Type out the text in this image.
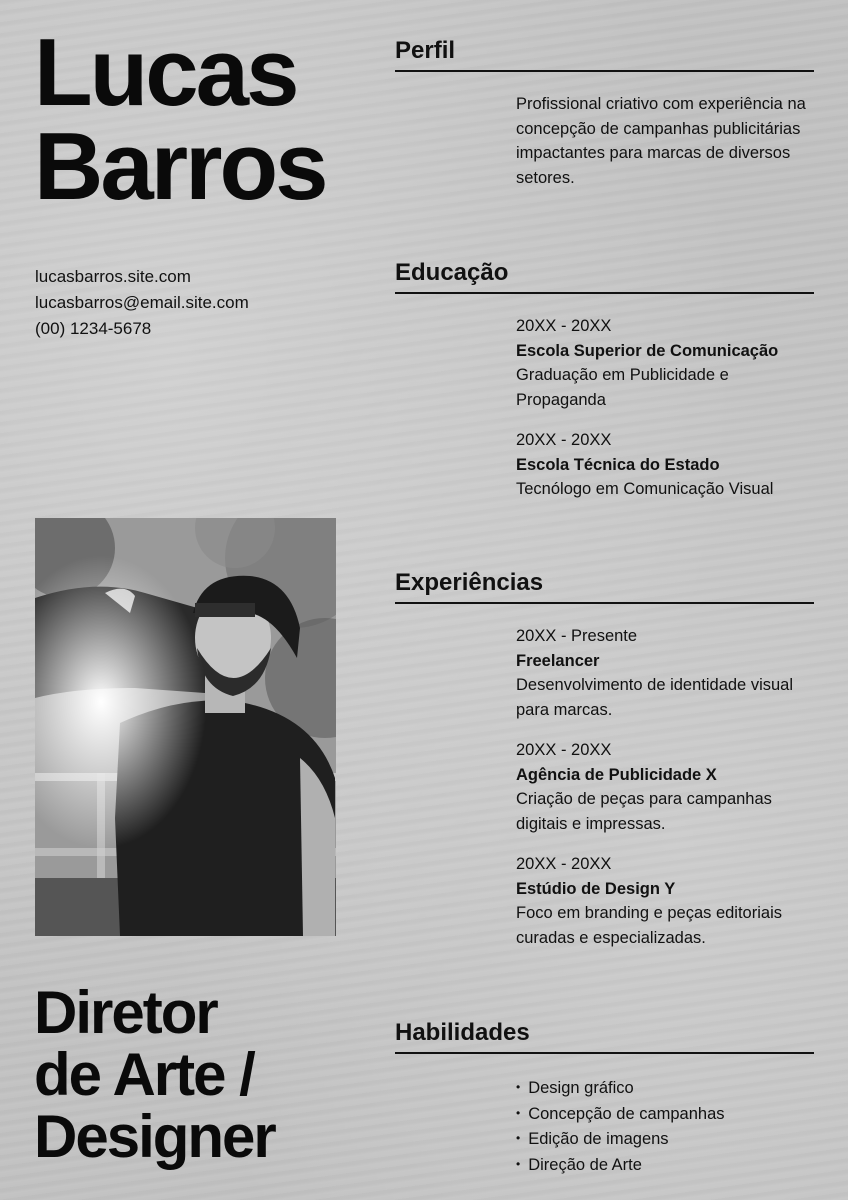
Lucas
Barros
lucasbarros.site.com
lucasbarros@email.site.com
(00) 1234-5678
Diretor
de Arte /
Designer
Perfil
Profissional criativo com experiência na concepção de campanhas publicitárias impactantes para marcas de diversos setores.
Educação
20XX - 20XX
Escola Superior de Comunicação
Graduação em Publicidade e Propaganda
20XX - 20XX
Escola Técnica do Estado
Tecnólogo em Comunicação Visual
Experiências
20XX - Presente
Freelancer
Desenvolvimento de identidade visual para marcas.
20XX - 20XX
Agência de Publicidade X
Criação de peças para campanhas digitais e impressas.
20XX - 20XX
Estúdio de Design Y
Foco em branding e peças editoriais curadas e especializadas.
Habilidades
• Design gráfico
• Concepção de campanhas
• Edição de imagens
• Direção de Arte
